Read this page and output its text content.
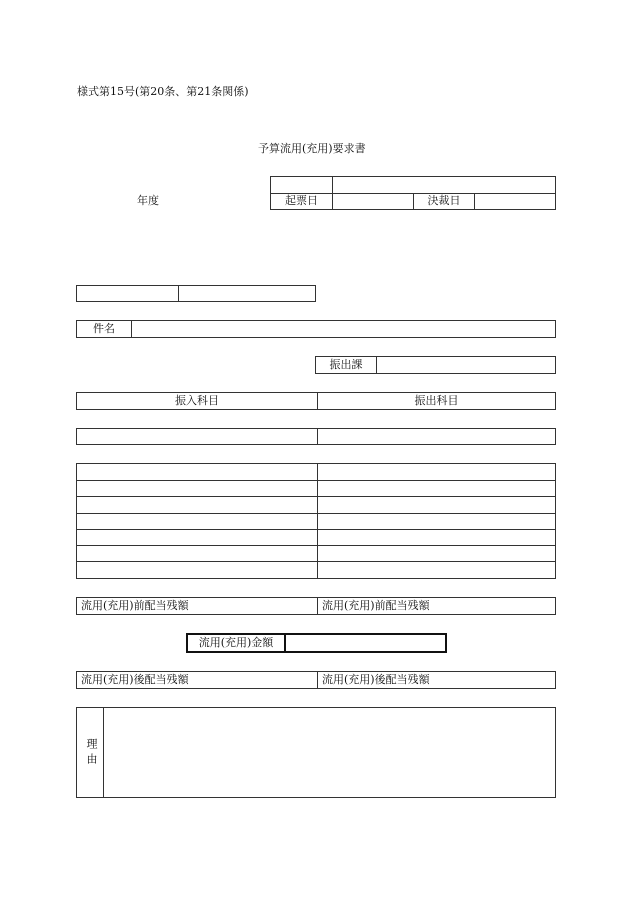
様式第15号(第20条、第21条関係)
予算流用(充用)要求書
年度	起票日	決裁日
件名
振出課
振入科目	振出科目
流用(充用)前配当残額	流用(充用)前配当残額
流用(充用)金額
流用(充用)後配当残額	流用(充用)後配当残額
理由
